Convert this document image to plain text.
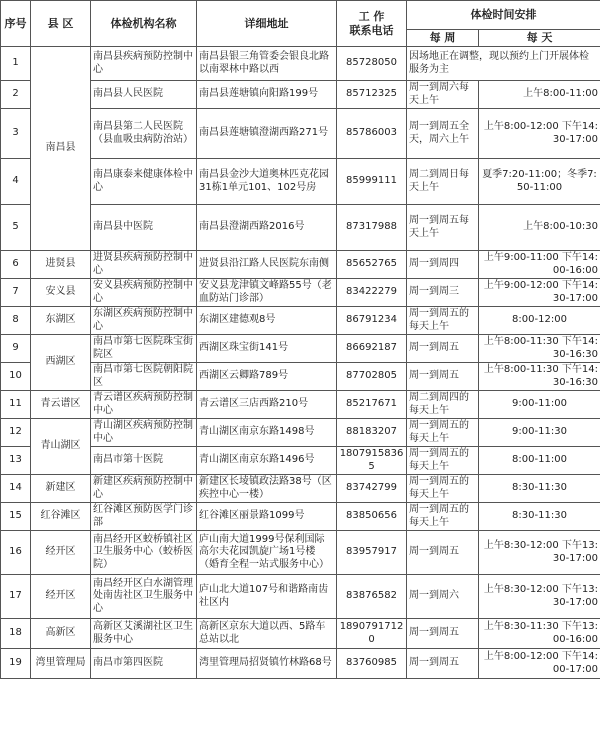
序号	县 区	体检机构名称	详细地址	工 作
联系电话	体检时间安排	
					每 周	每 天
1	南昌县	南昌县疾病预防控制中心	南昌县银三角管委会银良北路以南翠林中路以西	85728050	因场地正在调整，现以预约上门开展体检服务为主	
2		南昌县人民医院	南昌县莲塘镇向阳路199号	85712325	周一到周六每天上午	上午8:00-11:00
3		南昌县第二人民医院（县血吸虫病防治站）	南昌县莲塘镇澄湖西路271号	85786003	周一到周五全天，周六上午	上午8:00-12:00 下午14:30-17:00
4		南昌康泰来健康体检中心	南昌县金沙大道奥林匹克花园31栋1单元101、102号房	85999111	周二到周日每天上午	夏季7:20-11:00；冬季7:50-11:00
5		南昌县中医院	南昌县澄湖西路2016号	87317988	周一到周五每天上午	上午8:00-10:30
6	进贤县	进贤县疾病预防控制中心	进贤县沿江路人民医院东南侧	85652765	周一到周四	上午9:00-11:00 下午14:00-16:00
7	安义县	安义县疾病预防控制中心	安义县龙津镇文峰路55号（老血防站门诊部）	83422279	周一到周三	上午9:00-12:00 下午14:30-17:00
8	东湖区	东湖区疾病预防控制中心	东湖区建德观8号	86791234	周一到周五的每天上午	8:00-12:00
9	西湖区	南昌市第七医院珠宝街院区	西湖区珠宝街141号	86692187	周一到周五	上午8:00-11:30 下午14:30-16:30
10		南昌市第七医院朝阳院区	西湖区云卿路789号	87702805	周一到周五	上午8:00-11:30 下午14:30-16:30
11	青云谱区	青云谱区疾病预防控制中心	青云谱区三店西路210号	85217671	周二到周四的每天上午	9:00-11:00
12	青山湖区	青山湖区疾病预防控制中心	青山湖区南京东路1498号	88183207	周一到周五的每天上午	9:00-11:30
13		南昌市第十医院	青山湖区南京东路1496号	18079158365	周一到周五的每天上午	8:00-11:00
14	新建区	新建区疾病预防控制中心	新建区长堎镇政法路38号（区疾控中心一楼）	83742799	周一到周五的每天上午	8:30-11:30
15	红谷滩区	红谷滩区预防医学门诊部	红谷滩区丽景路1099号	83850656	周一到周五的每天上午	8:30-11:30
16	经开区	南昌经开区蛟桥镇社区卫生服务中心（蛟桥医院）	庐山南大道1999号保利国际高尔夫花园凯旋广场1号楼（婚育全程一站式服务中心）	83957917	周一到周五	上午8:30-12:00 下午13:30-17:00
17	经开区	南昌经开区白水湖管理处南齿社区卫生服务中心	庐山北大道107号和谐路南齿社区内	83876582	周一到周六	上午8:30-12:00 下午13:30-17:00
18	高新区	高新区艾溪湖社区卫生服务中心	高新区京东大道以西、5路车总站以北	18907917120	周一到周五	上午8:30-11:30 下午13:00-16:00
19	湾里管理局	南昌市第四医院	湾里管理局招贤镇竹林路68号	83760985	周一到周五	上午8:00-12:00 下午14:00-17:00
